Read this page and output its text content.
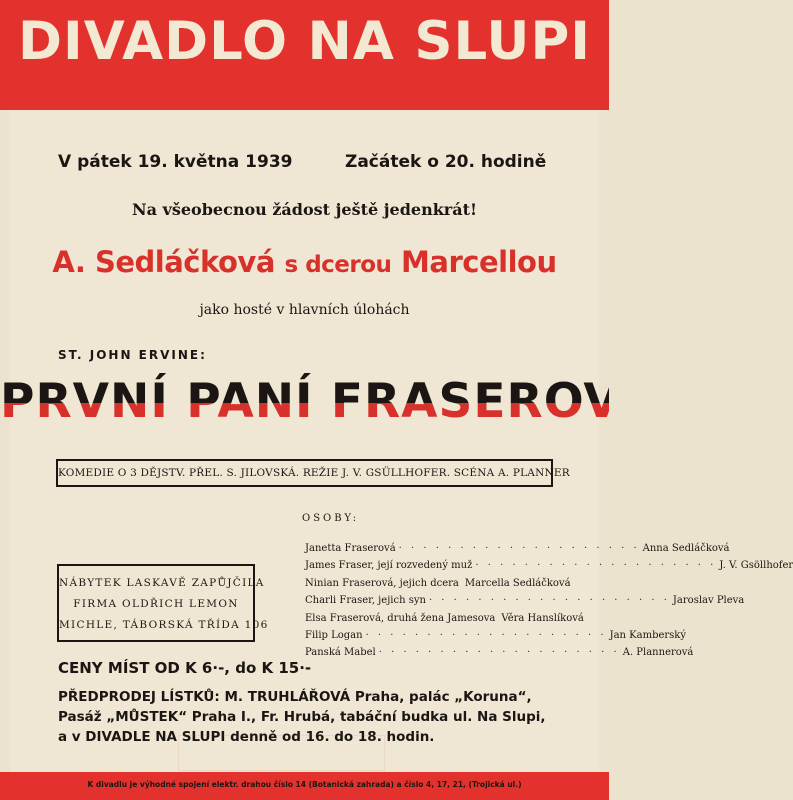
DIVADLO NA SLUPI
V pátek 19. května 1939	Začátek o 20. hodině
Na všeobecnou žádost ještě jedenkrát!
A. Sedláčková s dcerou Marcellou
jako hosté v hlavních úlohách
ST. JOHN ERVINE:
PRVNÍ PANÍ FRASEROVÁ
KOMEDIE O 3 DĚJSTV. PŘEL. S. JILOVSKÁ. REŽIE J. V. GSÜLLHOFER. SCÉNA A. PLANNER
OSOBY:
Janetta Fraserová · · · · · · · · · · · · · · · · · · · · Anna Sedláčková
James Fraser, její rozvedený muž · · · · · · · · · · · · · · · · · · · · J. V. Gsöllhofer
Ninian Fraserová, jejich dcera Marcella Sedláčková
Charli Fraser, jejich syn · · · · · · · · · · · · · · · · · · · · Jaroslav Pleva
Elsa Fraserová, druhá žena Jamesova Věra Hanslíková
Filip Logan · · · · · · · · · · · · · · · · · · · · Jan Kamberský
Panská Mabel · · · · · · · · · · · · · · · · · · · · A. Plannerová
NÁBYTEK LASKAVĚ ZAPŮJČILA
FIRMA OLDŘICH LEMON
MICHLE, TÁBORSKÁ TŘÍDA 106
CENY MÍST OD K 6·-, do K 15·-
PŘEDPRODEJ LÍSTKŮ: M. TRUHLÁŘOVÁ Praha, palác „Koruna“,
Pasáž „MŮSTEK“ Praha I., Fr. Hrubá, tabáční budka ul. Na Slupi,
a v DIVADLE NA SLUPI denně od 16. do 18. hodin.
K divadlu je výhodné spojení elektr. drahou číslo 14 (Botanická zahrada) a číslo 4, 17, 21, (Trojická ul.)
